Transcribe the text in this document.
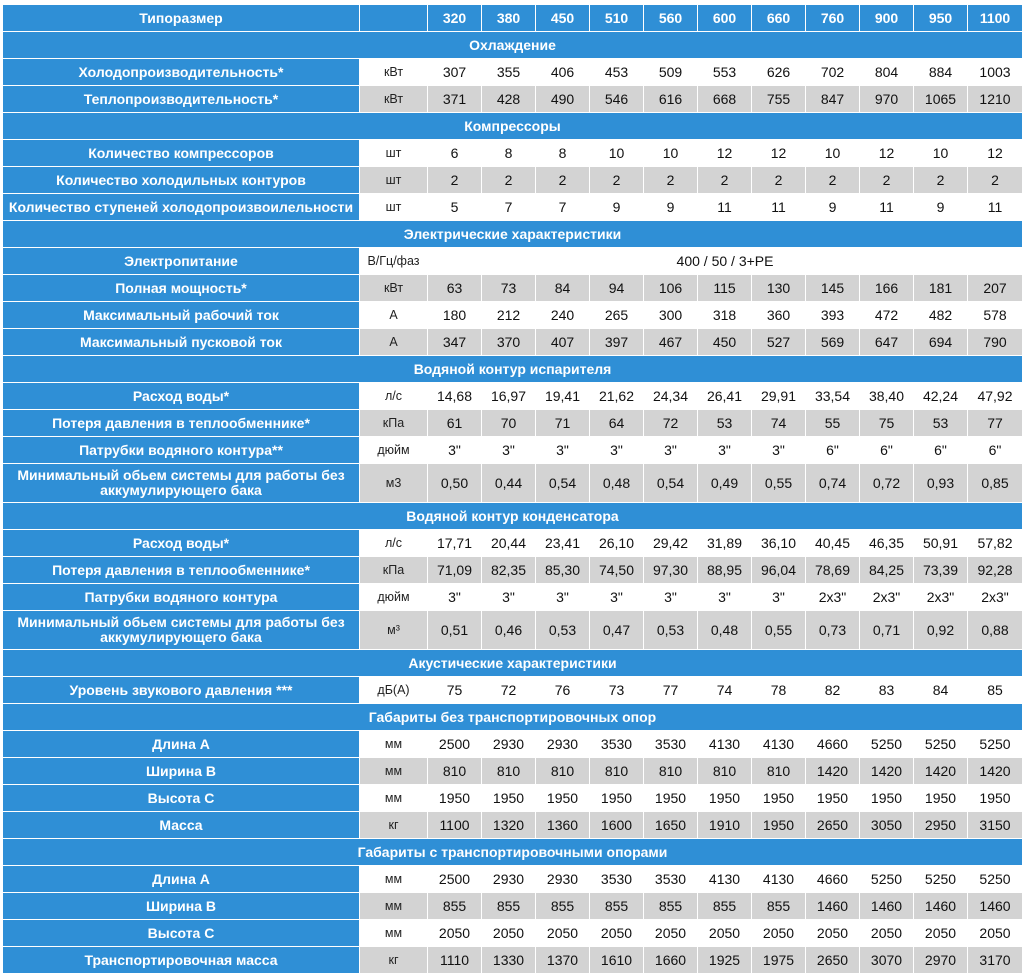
Типоразмер		320	380	450	510	560	600	660	760	900	950	1100
Охлаждение												
Холодопроизводительность*	кВт	307	355	406	453	509	553	626	702	804	884	1003
Теплопроизводительность*	кВт	371	428	490	546	616	668	755	847	970	1065	1210
Компрессоры												
Количество компрессоров	шт	6	8	8	10	10	12	12	10	12	10	12
Количество холодильных контуров	шт	2	2	2	2	2	2	2	2	2	2	2
Количество ступеней холодопроизвоилельности	шт	5	7	7	9	9	11	11	9	11	9	11
Электрические характеристики												
Электропитание	В/Гц/фаз	400 / 50 / 3+PE										
Полная мощность*	кВт	63	73	84	94	106	115	130	145	166	181	207
Максимальный рабочий ток	A	180	212	240	265	300	318	360	393	472	482	578
Максимальный пусковой ток	A	347	370	407	397	467	450	527	569	647	694	790
Водяной контур испарителя												
Расход воды*	л/с	14,68	16,97	19,41	21,62	24,34	26,41	29,91	33,54	38,40	42,24	47,92
Потеря давления в теплообменнике*	кПа	61	70	71	64	72	53	74	55	75	53	77
Патрубки водяного контура**	дюйм	3"	3"	3"	3"	3"	3"	3"	6"	6"	6"	6"
Минимальный обьем системы для работы без аккумулирующего бака	м3	0,50	0,44	0,54	0,48	0,54	0,49	0,55	0,74	0,72	0,93	0,85
Водяной контур конденсатора												
Расход воды*	л/с	17,71	20,44	23,41	26,10	29,42	31,89	36,10	40,45	46,35	50,91	57,82
Потеря давления в теплообменнике*	кПа	71,09	82,35	85,30	74,50	97,30	88,95	96,04	78,69	84,25	73,39	92,28
Патрубки водяного контура	дюйм	3"	3"	3"	3"	3"	3"	3"	2x3"	2x3"	2x3"	2x3"
Минимальный обьем системы для работы без аккумулирующего бака	м³	0,51	0,46	0,53	0,47	0,53	0,48	0,55	0,73	0,71	0,92	0,88
Акустические характеристики												
Уровень звукового давления ***	дБ(А)	75	72	76	73	77	74	78	82	83	84	85
Габариты без транспортировочных опор												
Длина А	мм	2500	2930	2930	3530	3530	4130	4130	4660	5250	5250	5250
Ширина В	мм	810	810	810	810	810	810	810	1420	1420	1420	1420
Высота С	мм	1950	1950	1950	1950	1950	1950	1950	1950	1950	1950	1950
Масса	кг	1100	1320	1360	1600	1650	1910	1950	2650	3050	2950	3150
Габариты с транспортировочными опорами												
Длина А	мм	2500	2930	2930	3530	3530	4130	4130	4660	5250	5250	5250
Ширина В	мм	855	855	855	855	855	855	855	1460	1460	1460	1460
Высота С	мм	2050	2050	2050	2050	2050	2050	2050	2050	2050	2050	2050
Транспортировочная масса	кг	1110	1330	1370	1610	1660	1925	1975	2650	3070	2970	3170
